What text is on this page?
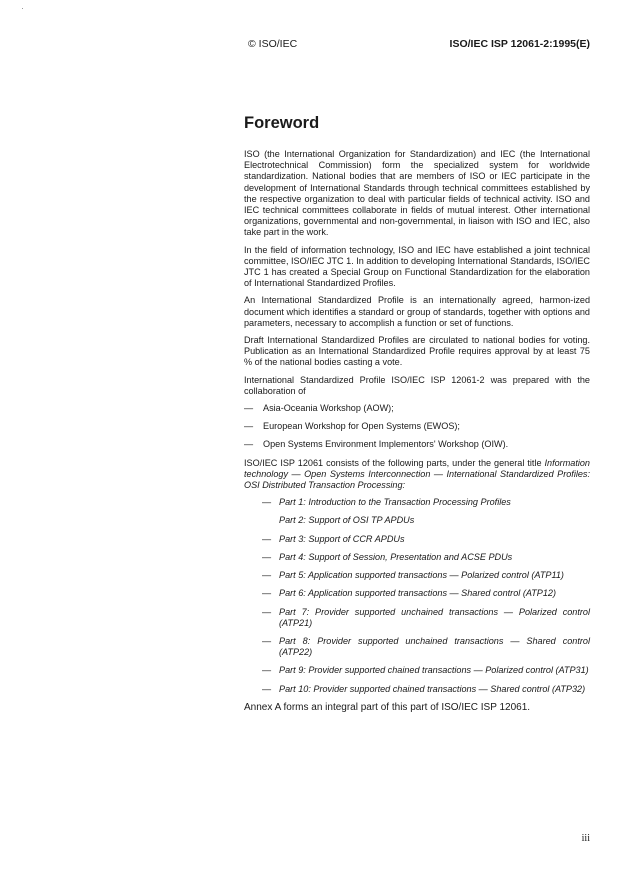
© ISO/IEC	ISO/IEC ISP 12061-2:1995(E)
Foreword

ISO (the International Organization for Standardization) and IEC (the International Electrotechnical Commission) form the specialized system for worldwide standardization. National bodies that are members of ISO or IEC participate in the development of International Standards through technical committees established by the respective organization to deal with particular fields of technical activity. ISO and IEC technical committees collaborate in fields of mutual interest. Other international organizations, governmental and non-governmental, in liaison with ISO and IEC, also take part in the work.

In the field of information technology, ISO and IEC have established a joint technical committee, ISO/IEC JTC 1. In addition to developing International Standards, ISO/IEC JTC 1 has created a Special Group on Functional Standardization for the elaboration of International Standardized Profiles.

An International Standardized Profile is an internationally agreed, harmon-ized document which identifies a standard or group of standards, together with options and parameters, necessary to accomplish a function or set of functions.

Draft International Standardized Profiles are circulated to national bodies for voting. Publication as an International Standardized Profile requires approval by at least 75 % of the national bodies casting a vote.

International Standardized Profile ISO/IEC ISP 12061-2 was prepared with the collaboration of

—	Asia-Oceania Workshop (AOW);
—	European Workshop for Open Systems (EWOS);
—	Open Systems Environment Implementors' Workshop (OIW).

ISO/IEC ISP 12061 consists of the following parts, under the general title Information technology — Open Systems Interconnection — International Standardized Profiles: OSI Distributed Transaction Processing:

— Part 1: Introduction to the Transaction Processing Profiles
Part 2: Support of OSI TP APDUs
— Part 3: Support of CCR APDUs
— Part 4: Support of Session, Presentation and ACSE PDUs
— Part 5: Application supported transactions — Polarized control (ATP11)
— Part 6: Application supported transactions — Shared control (ATP12)
— Part 7: Provider supported unchained transactions — Polarized control (ATP21)
— Part 8: Provider supported unchained transactions — Shared control (ATP22)
— Part 9: Provider supported chained transactions — Polarized control (ATP31)
— Part 10: Provider supported chained transactions — Shared control (ATP32)

Annex A forms an integral part of this part of ISO/IEC ISP 12061.

iii
